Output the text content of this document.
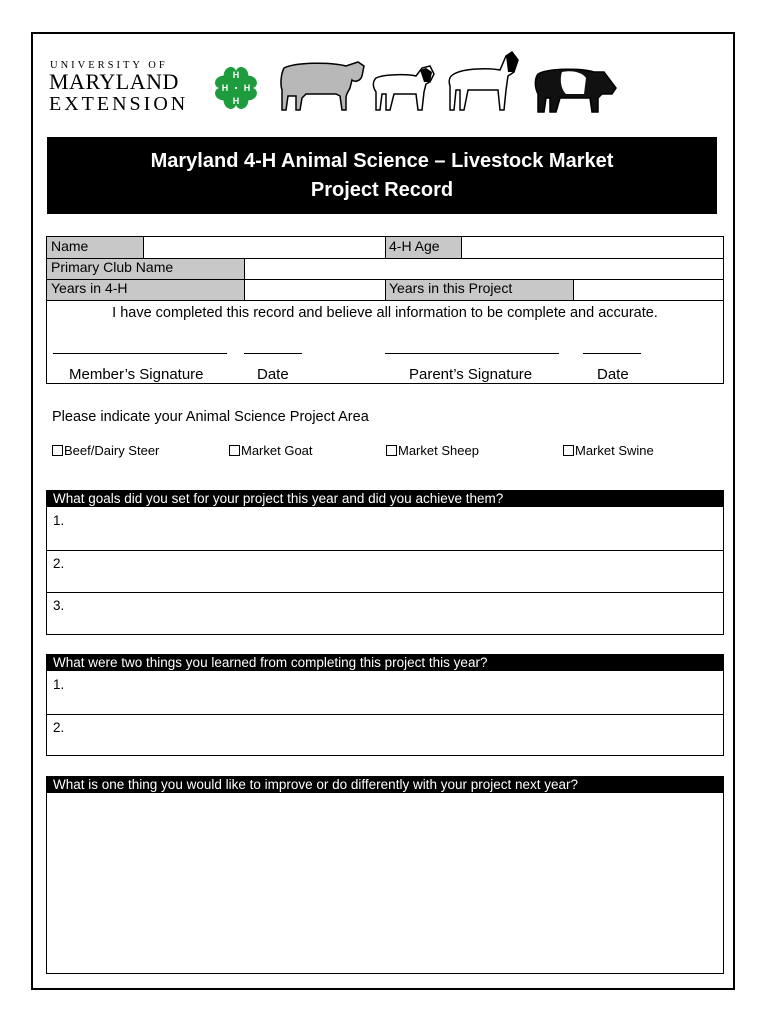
UNIVERSITY OF
MARYLAND
EXTENSION
H
H
H
H
Maryland 4-H Animal Science – Livestock Market
Project Record
Name	4-H Age
Primary Club Name
Years in 4-H	Years in this Project
I have completed this record and believe all information to be complete and accurate.
Member’s Signature	Date	Parent’s Signature	Date
Please indicate your Animal Science Project Area
Beef/Dairy Steer	Market Goat	Market Sheep	Market Swine
What goals did you set for your project this year and did you achieve them?
1.
2.
3.
What were two things you learned from completing this project this year?
1.
2.
What is one thing you would like to improve or do differently with your project next year?
